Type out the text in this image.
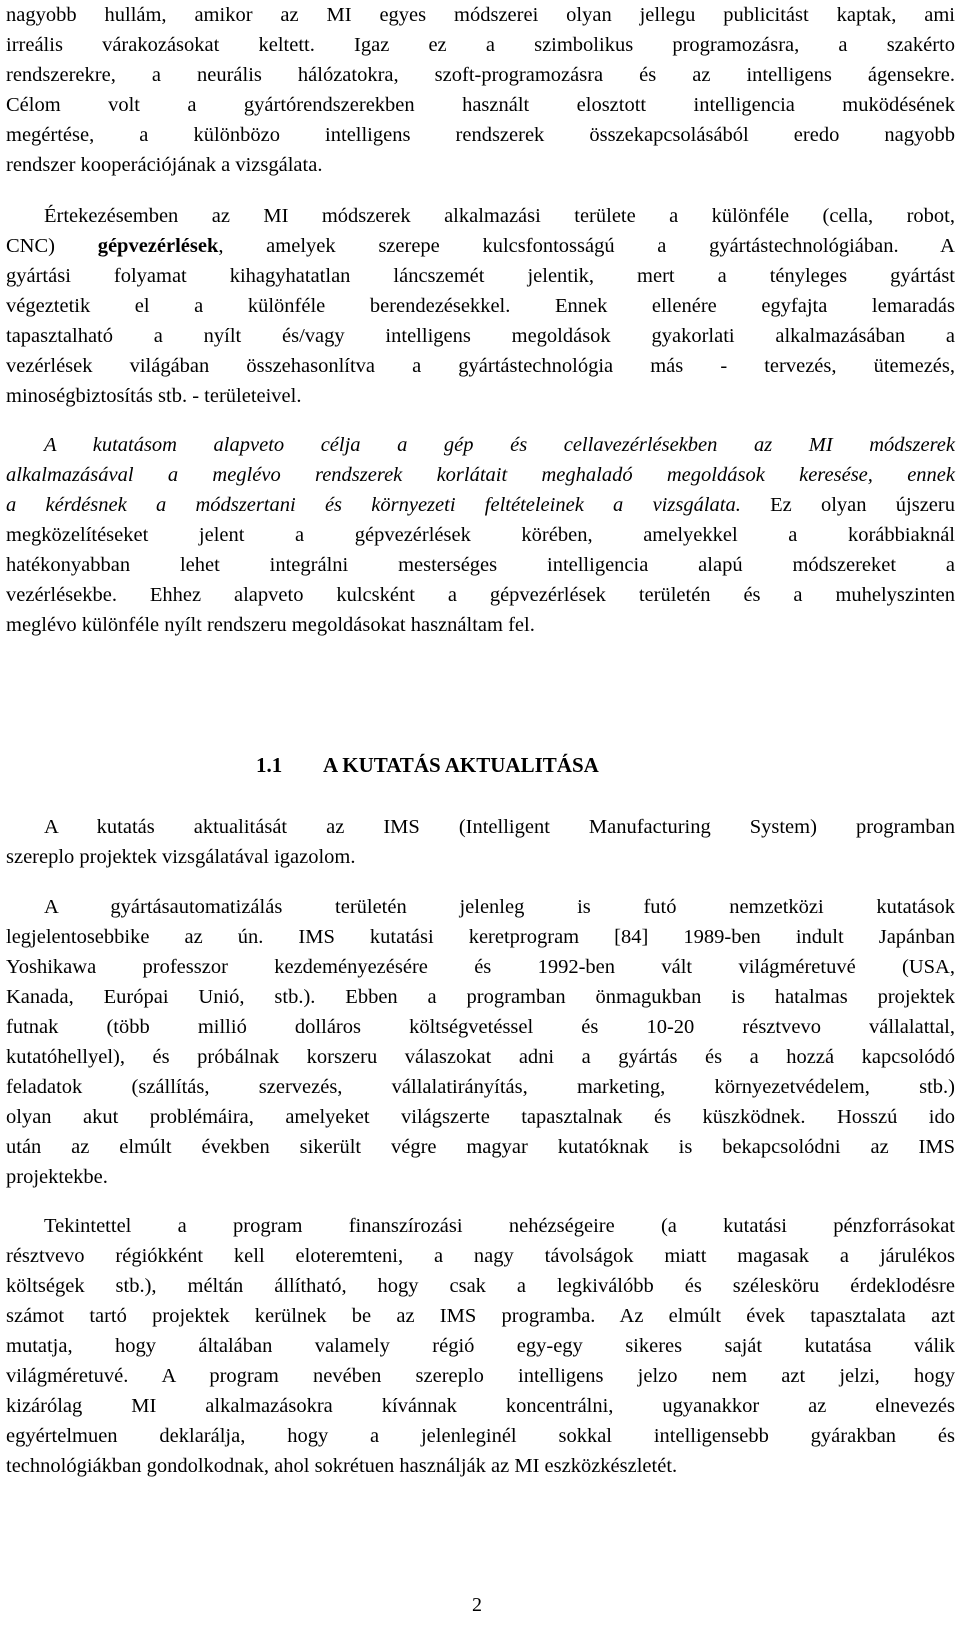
nagyobb hullám, amikor az MI egyes módszerei olyan jellegu publicitást kaptak, ami
irreális várakozásokat keltett. Igaz ez a szimbolikus programozásra, a szakérto
rendszerekre, a neurális hálózatokra, szoft-programozásra és az intelligens ágensekre.
Célom volt a gyártórendszerekben használt elosztott intelligencia muködésének
megértése, a különbözo intelligens rendszerek összekapcsolásából eredo nagyobb
rendszer kooperációjának a vizsgálata.

Értekezésemben az MI módszerek alkalmazási területe a különféle (cella, robot,
CNC) gépvezérlések, amelyek szerepe kulcsfontosságú a gyártástechnológiában. A
gyártási folyamat kihagyhatatlan láncszemét jelentik, mert a tényleges gyártást
végeztetik el a különféle berendezésekkel. Ennek ellenére egyfajta lemaradás
tapasztalható a nyílt és/vagy intelligens megoldások gyakorlati alkalmazásában a
vezérlések világában összehasonlítva a gyártástechnológia más - tervezés, ütemezés,
minoségbiztosítás stb. - területeivel.

A kutatásom alapveto célja a gép és cellavezérlésekben az MI módszerek
alkalmazásával a meglévo rendszerek korlátait meghaladó megoldások keresése, ennek
a kérdésnek a módszertani és környezeti feltételeinek a vizsgálata. Ez olyan újszeru
megközelítéseket jelent a gépvezérlések körében, amelyekkel a korábbiaknál
hatékonyabban lehet integrálni mesterséges intelligencia alapú módszereket a
vezérlésekbe. Ehhez alapveto kulcsként a gépvezérlések területén és a muhelyszinten
meglévo különféle nyílt rendszeru megoldásokat használtam fel.

1.1 A KUTATÁS AKTUALITÁSA

A kutatás aktualitását az IMS (Intelligent Manufacturing System) programban
szereplo projektek vizsgálatával igazolom.

A gyártásautomatizálás területén jelenleg is futó nemzetközi kutatások
legjelentosebbike az ún. IMS kutatási keretprogram [84] 1989-ben indult Japánban
Yoshikawa professzor kezdeményezésére és 1992-ben vált világméretuvé (USA,
Kanada, Európai Unió, stb.). Ebben a programban önmagukban is hatalmas projektek
futnak (több millió dolláros költségvetéssel és 10-20 résztvevo vállalattal,
kutatóhellyel), és próbálnak korszeru válaszokat adni a gyártás és a hozzá kapcsolódó
feladatok (szállítás, szervezés, vállalatirányítás, marketing, környezetvédelem, stb.)
olyan akut problémáira, amelyeket világszerte tapasztalnak és küszködnek. Hosszú ido
után az elmúlt években sikerült végre magyar kutatóknak is bekapcsolódni az IMS
projektekbe.

Tekintettel a program finanszírozási nehézségeire (a kutatási pénzforrásokat
résztvevo régiókként kell eloteremteni, a nagy távolságok miatt magasak a járulékos
költségek stb.), méltán állítható, hogy csak a legkiválóbb és szélesköru érdeklodésre
számot tartó projektek kerülnek be az IMS programba. Az elmúlt évek tapasztalata azt
mutatja, hogy általában valamely régió egy-egy sikeres saját kutatása válik
világméretuvé. A program nevében szereplo intelligens jelzo nem azt jelzi, hogy
kizárólag MI alkalmazásokra kívánnak koncentrálni, ugyanakkor az elnevezés
egyértelmuen deklarálja, hogy a jelenleginél sokkal intelligensebb gyárakban és
technológiákban gondolkodnak, ahol sokrétuen használják az MI eszközkészletét.

2
